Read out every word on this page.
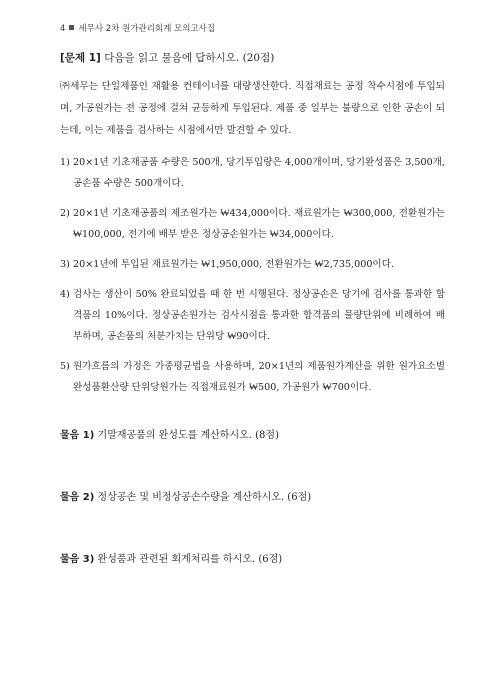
4 세무사 2차 원가관리회계 모의고사집
[문제 1] 다음을 읽고 물음에 답하시오. (20점)

㈜세무는 단일제품인 재활용 컨테이너를 대량생산한다. 직접재료는 공정 착수시점에 투입되며, 가공원가는 전 공정에 걸쳐 균등하게 투입된다. 제품 중 일부는 불량으로 인한 공손이 되는데, 이는 제품을 검사하는 시점에서만 발견할 수 있다.

1) 20×1년 기초재공품 수량은 500개, 당기투입량은 4,000개이며, 당기완성품은 3,500개, 공손품 수량은 500개이다.
2) 20×1년 기초재공품의 제조원가는 ₩434,000이다. 재료원가는 ₩300,000, 전환원가는 ₩100,000, 전기에 배부 받은 정상공손원가는 ₩34,000이다.
3) 20×1년에 투입된 재료원가는 ₩1,950,000, 전환원가는 ₩2,735,000이다.
4) 검사는 생산이 50% 완료되었을 때 한 번 시행된다. 정상공손은 당기에 검사를 통과한 합격품의 10%이다. 정상공손원가는 검사시점을 통과한 합격품의 물량단위에 비례하여 배부하며, 공손품의 처분가치는 단위당 ₩90이다.
5) 원가흐름의 가정은 가중평균법을 사용하며, 20×1년의 제품원가계산을 위한 원가요소별 완성품환산량 단위당원가는 직접재료원가 ₩500, 가공원가 ₩700이다.
물음 1) 기말재공품의 완성도를 계산하시오. (8점)
물음 2) 정상공손 및 비정상공손수량을 계산하시오. (6점)
물음 3) 완성품과 관련된 회계처리를 하시오. (6점)
